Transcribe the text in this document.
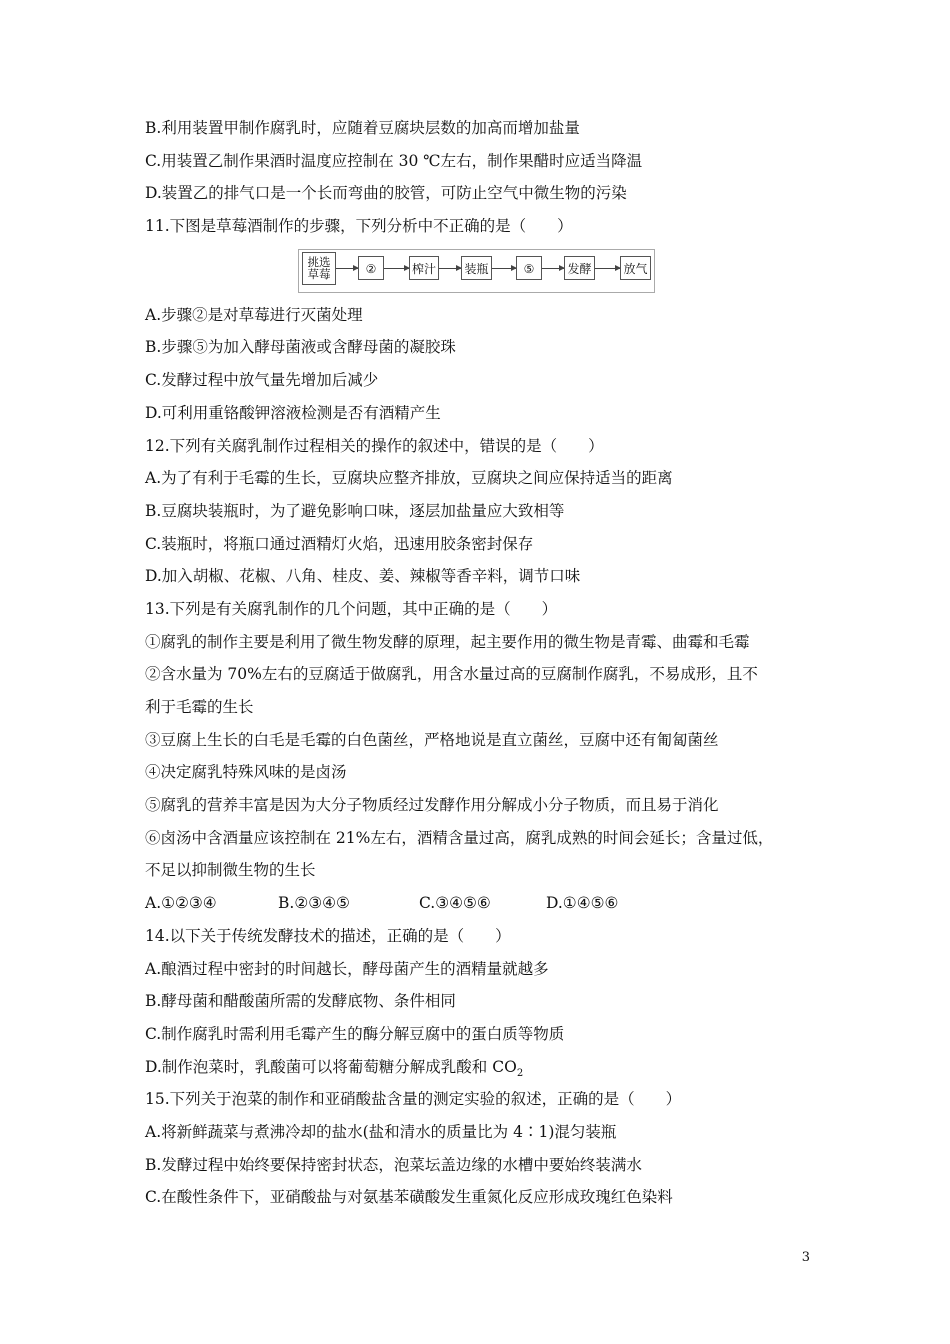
B.利用装置甲制作腐乳时，应随着豆腐块层数的加高而增加盐量
C.用装置乙制作果酒时温度应控制在 30 ℃左右，制作果醋时应适当降温
D.装置乙的排气口是一个长而弯曲的胶管，可防止空气中微生物的污染
11.下图是草莓酒制作的步骤，下列分析中不正确的是（　　）
挑选
草莓	②	榨汁 装瓶	⑤	发酵	放气
A.步骤②是对草莓进行灭菌处理
B.步骤⑤为加入酵母菌液或含酵母菌的凝胶珠
C.发酵过程中放气量先增加后减少
D.可利用重铬酸钾溶液检测是否有酒精产生
12.下列有关腐乳制作过程相关的操作的叙述中，错误的是（　　）
A.为了有利于毛霉的生长，豆腐块应整齐排放，豆腐块之间应保持适当的距离
B.豆腐块装瓶时，为了避免影响口味，逐层加盐量应大致相等
C.装瓶时，将瓶口通过酒精灯火焰，迅速用胶条密封保存
D.加入胡椒、花椒、八角、桂皮、姜、辣椒等香辛料，调节口味
13.下列是有关腐乳制作的几个问题，其中正确的是（　　）
①腐乳的制作主要是利用了微生物发酵的原理，起主要作用的微生物是青霉、曲霉和毛霉
②含水量为 70%左右的豆腐适于做腐乳，用含水量过高的豆腐制作腐乳，不易成形，且不
利于毛霉的生长
③豆腐上生长的白毛是毛霉的白色菌丝，严格地说是直立菌丝，豆腐中还有匍匐菌丝
④决定腐乳特殊风味的是卤汤
⑤腐乳的营养丰富是因为大分子物质经过发酵作用分解成小分子物质，而且易于消化
⑥卤汤中含酒量应该控制在 21%左右，酒精含量过高，腐乳成熟的时间会延长；含量过低，
不足以抑制微生物的生长
A.①②③④	B.②③④⑤	C.③④⑤⑥	D.①④⑤⑥
14.以下关于传统发酵技术的描述，正确的是（　　）
A.酿酒过程中密封的时间越长，酵母菌产生的酒精量就越多
B.酵母菌和醋酸菌所需的发酵底物、条件相同
C.制作腐乳时需利用毛霉产生的酶分解豆腐中的蛋白质等物质
D.制作泡菜时，乳酸菌可以将葡萄糖分解成乳酸和 $CO_2$
15.下列关于泡菜的制作和亚硝酸盐含量的测定实验的叙述，正确的是（　　）
A.将新鲜蔬菜与煮沸冷却的盐水(盐和清水的质量比为 4∶1)混匀装瓶
B.发酵过程中始终要保持密封状态，泡菜坛盖边缘的水槽中要始终装满水
C.在酸性条件下，亚硝酸盐与对氨基苯磺酸发生重氮化反应形成玫瑰红色染料
3
